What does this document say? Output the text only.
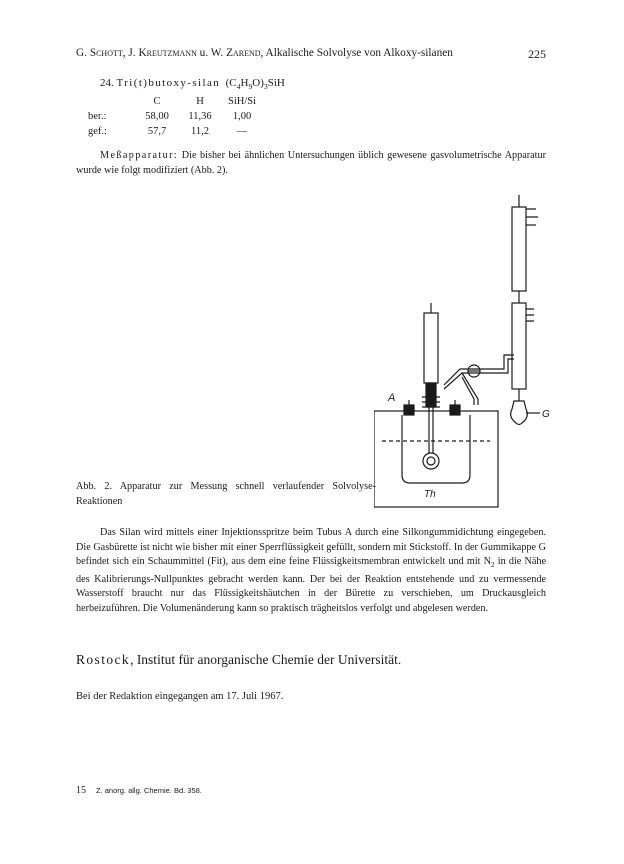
G. Schott, J. Kreutzmann u. W. Zarend, Alkalische Solvolyse von Alkoxy-silanen	225
24. Tri(t)butoxy-silan $(C_4H_9O)_3SiH$
	C	H	SiH/Si
ber.:	58,00	11,36	1,00
gef.:	57,7	11,2	—
Meßapparatur: Die bisher bei ähnlichen Untersuchungen üblich gewesene gasvolumetrische Apparatur wurde wie folgt modifiziert (Abb. 2).
A
G
Th
Abb. 2. Apparatur zur Messung schnell verlaufender Solvolyse-Reaktionen
Das Silan wird mittels einer Injektionsspritze beim Tubus A durch eine Silkongummidichtung eingegeben. Die Gasbürette ist nicht wie bisher mit einer Sperrflüssigkeit gefüllt, sondern mit Stickstoff. In der Gummikappe G befindet sich ein Schaummittel (Fit), aus dem eine feine Flüssigkeitsmembran entwickelt und mit $N_2$ in die Nähe des Kalibrierungs-Nullpunktes gebracht werden kann. Der bei der Reaktion entstehende und zu vermessende Wasserstoff braucht nur das Flüssigkeitshäutchen in der Bürette zu verschieben, um Druckausgleich herbeizuführen. Die Volumenänderung kann so praktisch trägheitslos verfolgt und abgelesen werden.
Rostock, Institut für anorganische Chemie der Universität.
Bei der Redaktion eingegangen am 17. Juli 1967.
15 Z. anorg. allg. Chemie. Bd. 358.
